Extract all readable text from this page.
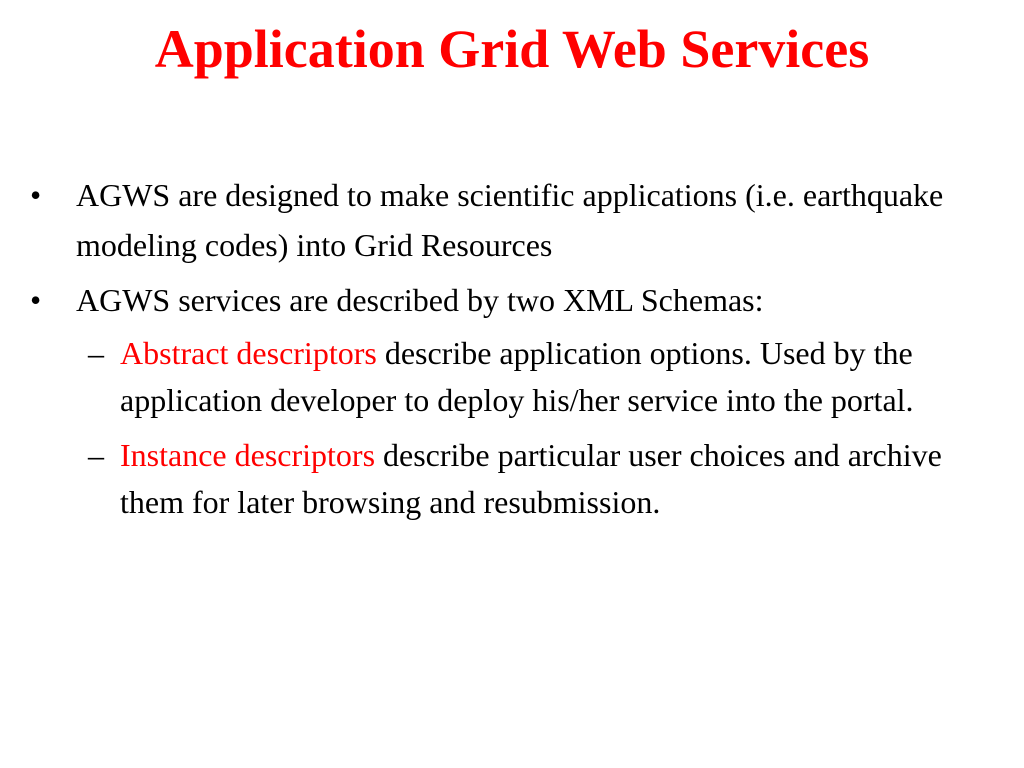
Application Grid Web Services
• AGWS are designed to make scientific applications (i.e. earthquake modeling codes) into Grid Resources
• AGWS services are described by two XML Schemas:
– Abstract descriptors describe application options. Used by the application developer to deploy his/her service into the portal.
– Instance descriptors describe particular user choices and archive them for later browsing and resubmission.
